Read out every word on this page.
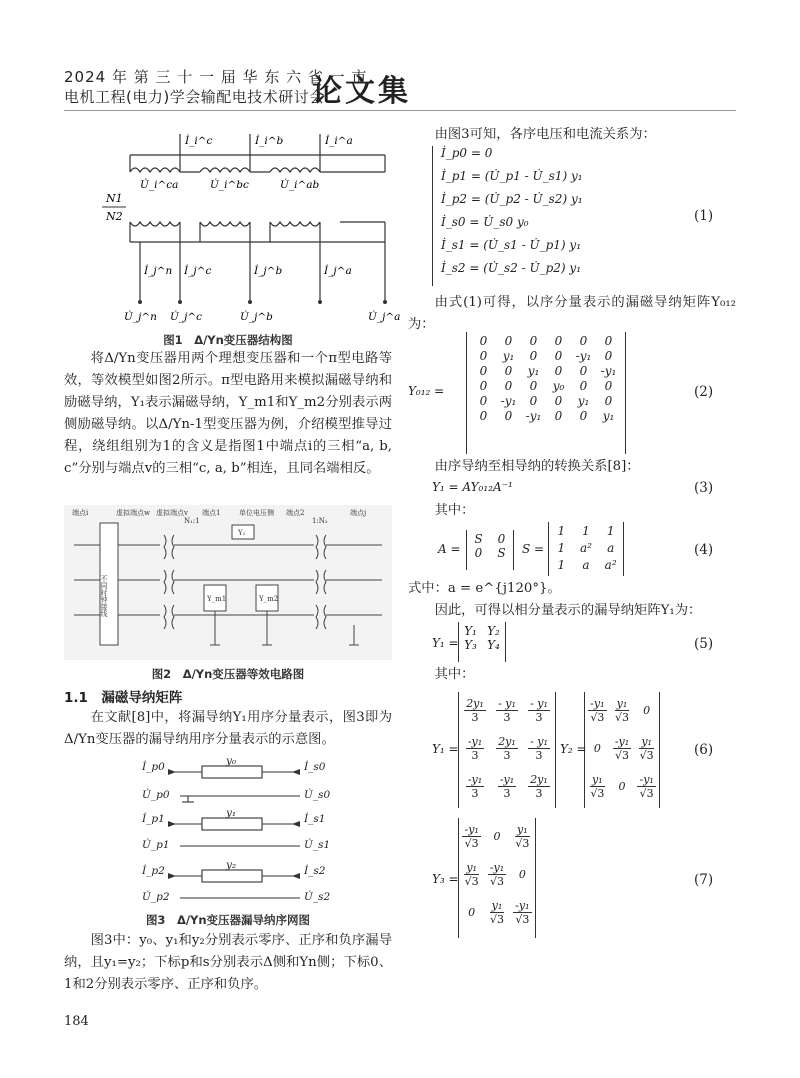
2024 年 第 三 十 一 届 华 东 六 省 一 市
电机工程(电力)学会输配电技术研讨会
论文集
N1
N2
İ_i^c	İ_i^b	İ_i^a
U̇_i^ca	U̇_i^bc	U̇_i^ab
İ_j^n İ_j^c	İ_j^b	İ_j^a
U̇_j^n U̇_j^c	U̇_j^b	U̇_j^a
图1　Δ/Yn变压器结构图
将Δ/Yn变压器用两个理想变压器和一个π型电路等效，等效模型如图2所示。π型电路用来模拟漏磁导纳和励磁导纳，Y₁表示漏磁导纳，Y_m1和Y_m2分别表示两侧励磁导纳。以Δ/Yn-1型变压器为例，介绍模型推导过程，绕组组别为1的含义是指图1中端点i的三相“a, b, c”分别与端点v的三相“c, a, b”相连，且同名端相反。
端点i	虚拟端点w 虚拟端点v
N₁:1
端点1	单位电压侧 端点2
1:N₂
端点j
不同时钟接线
Y₁
Y_m1	Y_m2
图2　Δ/Yn变压器等效电路图
1.1　漏磁导纳矩阵
在文献[8]中，将漏导纳Y₁用序分量表示，图3即为Δ/Yn变压器的漏导纳用序分量表示的示意图。
İ_p0
U̇_p0
y₀	İ_s0
U̇_s0
İ_p1
U̇_p1
y₁	İ_s1
U̇_s1
İ_p2
U̇_p2
y₂	İ_s2
U̇_s2
图3　Δ/Yn变压器漏导纳序网图
图3中：y₀、y₁和y₂分别表示零序、正序和负序漏导纳，且y₁=y₂；下标p和s分别表示Δ侧和Yn侧；下标0、1和2分别表示零序、正序和负序。
184
由图3可知，各序电压和电流关系为：
İ_p0 = 0
İ_p1 = (U̇_p1 - U̇_s1) y₁
İ_p2 = (U̇_p2 - U̇_s2) y₁
İ_s0 = U̇_s0 y₀
İ_s1 = (U̇_s1 - U̇_p1) y₁
İ_s2 = (U̇_s2 - U̇_p2) y₁
(1)
由式(1)可得，以序分量表示的漏磁导纳矩阵Y₀₁₂为：
Y₀₁₂ =
0	0	0	0	0	0
0	y₁	0	0	-y₁	0
0	0	y₁	0	0	-y₁
0	0	0	y₀	0	0
0	-y₁	0	0	y₁	0
0	0	-y₁	0	0	y₁
(2)
由序导纳至相导纳的转换关系[8]：
Y₁ = AY₀₁₂A⁻¹	(3)
其中：
A =
S	0
0	S	S =
1	1	1
1	a²	a
1	a	a²
(4)
式中：a = e^{j120°}。
因此，可得以相分量表示的漏导纳矩阵Y₁为：
Y₁ =
Y₁ Y₂
Y₃ Y₄	(5)
其中：
Y₁ =
$\frac{\text{2y₁}}{3} \frac{\text{- y₁}}{3} \frac{\text{- y₁}}{3}$
$\frac{\text{-y₁}}{3} \frac{\text{2y₁}}{3} \frac{\text{- y₁}}{3}$
$\frac{\text{-y₁}}{3} \frac{\text{-y₁}}{3} \frac{\text{2y₁}}{3}$
Y₂ =
$\frac{\text{-y₁}}{√3} \frac{\text{y₁}}{√3} 0$
$0 \frac{\text{-y₁}}{√3} \frac{\text{y₁}}{√3}$
$\frac{\text{y₁}}{√3} 0 \frac{\text{-y₁}}{√3}$
(6)
Y₃ =
$\frac{\text{-y₁}}{√3} 0 \frac{\text{y₁}}{√3}$
$\frac{\text{y₁}}{√3} \frac{\text{-y₁}}{√3} 0$
$0 \frac{\text{y₁}}{√3} \frac{\text{-y₁}}{√3}$
(7)
